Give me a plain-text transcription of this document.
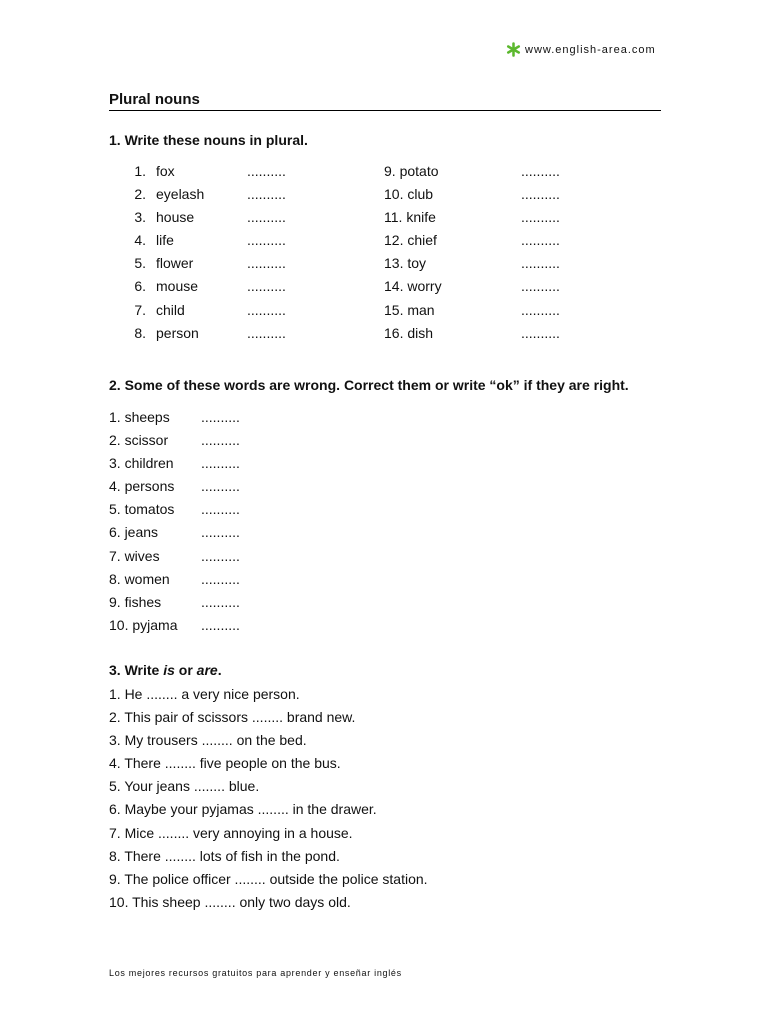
www.english-area.com
Plural nouns
1. Write these nouns in plural.
1. fox	..........
2. eyelash	..........
3. house	..........
4. life	..........
5. flower	..........
6. mouse	..........
7. child	..........
8. person	..........
9. potato	..........
10. club	..........
11. knife	..........
12. chief	..........
13. toy	..........
14. worry	..........
15. man	..........
16. dish	..........
2. Some of these words are wrong. Correct them or write “ok” if they are right.
1. sheeps ..........
2. scissor ..........
3. children ..........
4. persons ..........
5. tomatos ..........
6. jeans	..........
7. wives	..........
8. women ..........
9. fishes	..........
10. pyjama ..........
3. Write is or are.
1. He ........ a very nice person.
2. This pair of scissors ........ brand new.
3. My trousers ........ on the bed.
4. There ........ five people on the bus.
5. Your jeans ........ blue.
6. Maybe your pyjamas ........ in the drawer.
7. Mice ........ very annoying in a house.
8. There ........ lots of fish in the pond.
9. The police officer ........ outside the police station.
10. This sheep ........ only two days old.
Los mejores recursos gratuitos para aprender y enseñar inglés
